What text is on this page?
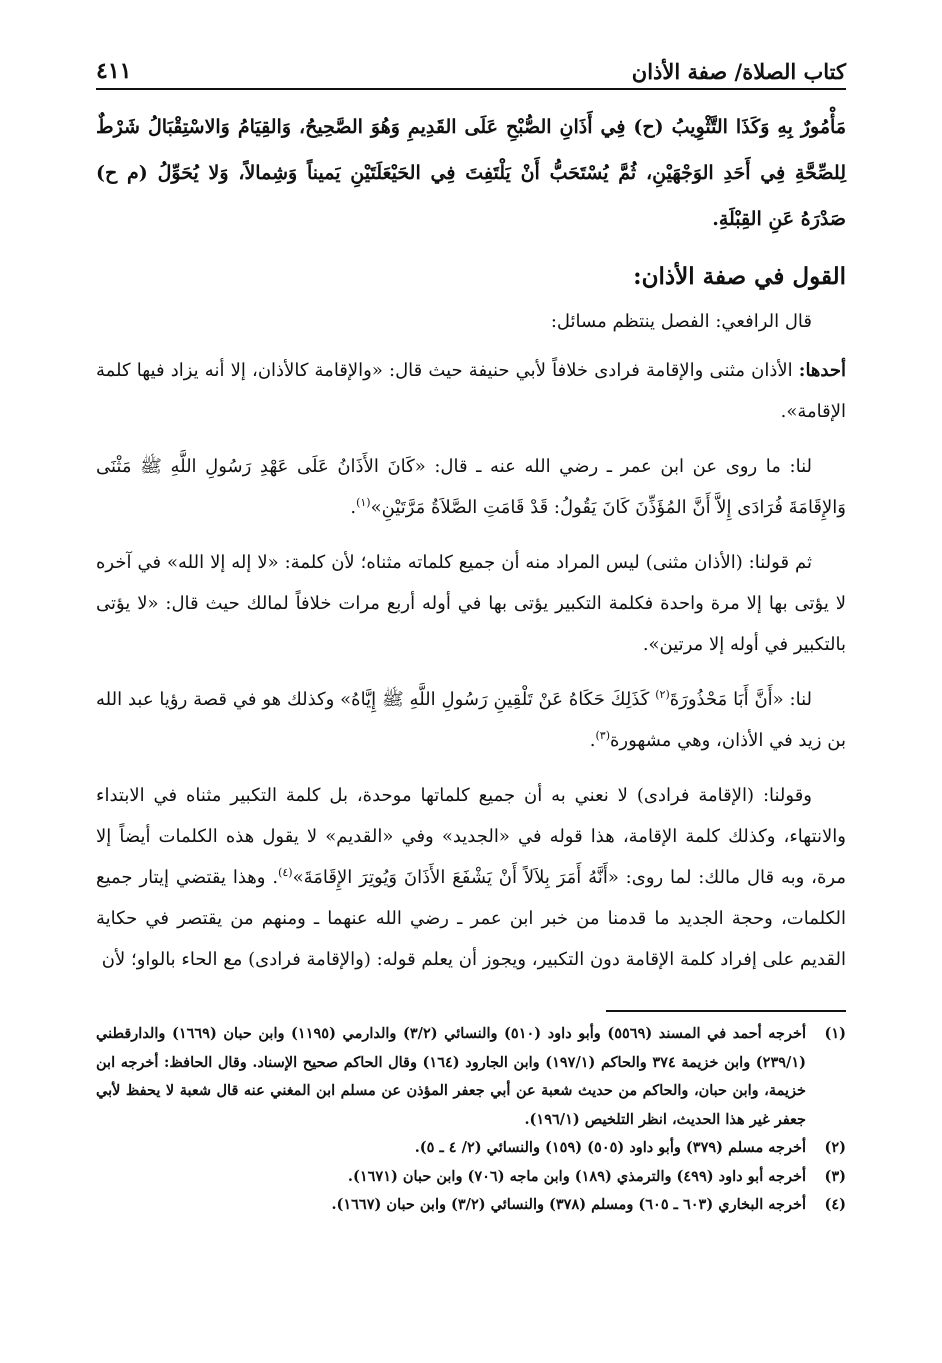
كتاب الصلاة/ صفة الأذان
٤١١

مَأْمُورٌ بِهِ وَكَذَا التَّثْوِيبُ (ح) فِي أَذَانِ الصُّبْحِ عَلَى القَدِيمِ وَهُوَ الصَّحِيحُ، وَالقِيَامُ وَالاسْتِقْبَالُ شَرْطٌ لِلصِّحَّةِ فِي أَحَدِ الوَجْهَيْنِ، ثُمَّ يُسْتَحَبُّ أَنْ يَلْتَفِتَ فِي الحَيْعَلَتَيْنِ يَميناً وَشِمالاً، وَلا يُحَوِّلُ (م ح) صَدْرَهُ عَنِ القِبْلَةِ.

القول في صفة الأذان:

قال الرافعي: الفصل ينتظم مسائل:

أحدها: الأذان مثنى والإقامة فرادى خلافاً لأبي حنيفة حيث قال: «والإقامة كالأذان، إلا أنه يزاد فيها كلمة الإقامة».

لنا: ما روى عن ابن عمر ـ رضي الله عنه ـ قال: «كَانَ الأَذَانُ عَلَى عَهْدِ رَسُولِ اللَّهِ ﷺ مَثْنَى وَالإِقَامَةَ فُرَادَى إِلاَّ أَنَّ المُؤَذِّنَ كَانَ يَقُولُ: قَدْ قَامَتِ الصَّلاَةُ مَرَّتَيْنِ»$^{(١)}$.

ثم قولنا: (الأذان مثنى) ليس المراد منه أن جميع كلماته مثناه؛ لأن كلمة: «لا إله إلا الله» في آخره لا يؤتى بها إلا مرة واحدة فكلمة التكبير يؤتى بها في أوله أربع مرات خلافاً لمالك حيث قال: «لا يؤتى بالتكبير في أوله إلا مرتين».

لنا: «أَنَّ أَبَا مَحْذُورَةَ$^{(٢)}$ كَذَلِكَ حَكَاهُ عَنْ تَلْقِينِ رَسُولِ اللَّهِ ﷺ إِيَّاهُ» وكذلك هو في قصة رؤيا عبد الله بن زيد في الأذان، وهي مشهورة$^{(٣)}$.

وقولنا: (الإقامة فرادى) لا نعني به أن جميع كلماتها موحدة، بل كلمة التكبير مثناه في الابتداء والانتهاء، وكذلك كلمة الإقامة، هذا قوله في «الجديد» وفي «القديم» لا يقول هذه الكلمات أيضاً إلا مرة، وبه قال مالك: لما روى: «أَنَّهُ أَمَرَ بِلاَلاً أَنْ يَشْفَعَ الأَذَانَ وَيُوتِرَ الإِقَامَةَ»$^{(٤)}$. وهذا يقتضي إيتار جميع الكلمات، وحجة الجديد ما قدمنا من خبر ابن عمر ـ رضي الله عنهما ـ ومنهم من يقتصر في حكاية القديم على إفراد كلمة الإقامة دون التكبير، ويجوز أن يعلم قوله: (والإقامة فرادى) مع الحاء بالواو؛ لأن

(١)
أخرجه أحمد في المسند (٥٥٦٩) وأبو داود (٥١٠) والنسائي (٣/٢) والدارمي (١١٩٥) وابن حبان (١٦٦٩) والدارقطني (٢٣٩/١) وابن خزيمة ٣٧٤ والحاكم (١٩٧/١) وابن الجارود (١٦٤) وقال الحاكم صحيح الإسناد. وقال الحافظ: أخرجه ابن خزيمة، وابن حبان، والحاكم من حديث شعبة عن أبي جعفر المؤذن عن مسلم ابن المغني عنه قال شعبة لا يحفظ لأبي جعفر غير هذا الحديث، انظر التلخيص (١٩٦/١).
(٢)
أخرجه مسلم (٣٧٩) وأبو داود (٥٠٥) (١٥٩) والنسائي (٢/ ٤ ـ ٥).
(٣)
أخرجه أبو داود (٤٩٩) والترمذي (١٨٩) وابن ماجه (٧٠٦) وابن حبان (١٦٧١).
(٤)
أخرجه البخاري (٦٠٣ ـ ٦٠٥) ومسلم (٣٧٨) والنسائي (٣/٢) وابن حبان (١٦٦٧).
